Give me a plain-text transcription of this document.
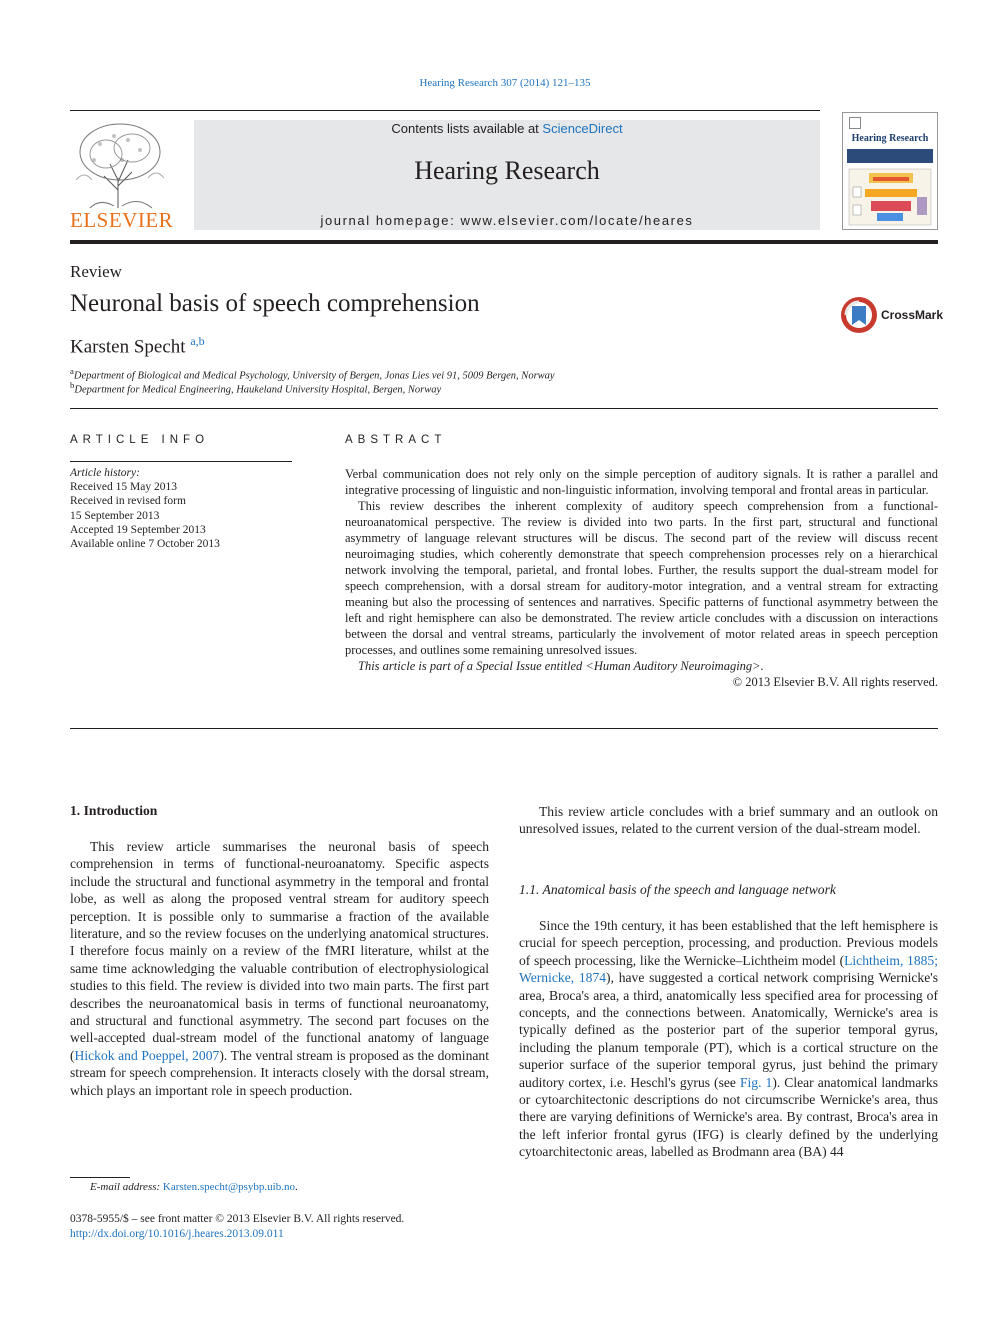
Hearing Research 307 (2014) 121–135
ELSEVIER
Contents lists available at ScienceDirect
Hearing Research
journal homepage: www.elsevier.com/locate/heares
Hearing Research
Review
Neuronal basis of speech comprehension
Karsten Specht $^{a,b}$
CrossMark
$^a$Department of Biological and Medical Psychology, University of Bergen, Jonas Lies vei 91, 5009 Bergen, Norway
$^b$Department for Medical Engineering, Haukeland University Hospital, Bergen, Norway
ARTICLE INFO
Article history:
Received 15 May 2013
Received in revised form
15 September 2013
Accepted 19 September 2013
Available online 7 October 2013
ABSTRACT

Verbal communication does not rely only on the simple perception of auditory signals. It is rather a parallel and integrative processing of linguistic and non-linguistic information, involving temporal and frontal areas in particular.

This review describes the inherent complexity of auditory speech comprehension from a functional-neuroanatomical perspective. The review is divided into two parts. In the first part, structural and functional asymmetry of language relevant structures will be discus. The second part of the review will discuss recent neuroimaging studies, which coherently demonstrate that speech comprehension processes rely on a hierarchical network involving the temporal, parietal, and frontal lobes. Further, the results support the dual-stream model for speech comprehension, with a dorsal stream for auditory-motor integration, and a ventral stream for extracting meaning but also the processing of sentences and narratives. Specific patterns of functional asymmetry between the left and right hemisphere can also be demonstrated. The review article concludes with a discussion on interactions between the dorsal and ventral streams, particularly the involvement of motor related areas in speech perception processes, and outlines some remaining unresolved issues.

This article is part of a Special Issue entitled <Human Auditory Neuroimaging>.

© 2013 Elsevier B.V. All rights reserved.

1. Introduction

This review article summarises the neuronal basis of speech comprehension in terms of functional-neuroanatomy. Specific aspects include the structural and functional asymmetry in the temporal and frontal lobe, as well as along the proposed ventral stream for auditory speech perception. It is possible only to summarise a fraction of the available literature, and so the review focuses on the underlying anatomical structures. I therefore focus mainly on a review of the fMRI literature, whilst at the same time acknowledging the valuable contribution of electrophysiological studies to this field. The review is divided into two main parts. The first part describes the neuroanatomical basis in terms of functional neuroanatomy, and structural and functional asymmetry. The second part focuses on the well-accepted dual-stream model of the functional anatomy of language (Hickok and Poeppel, 2007). The ventral stream is proposed as the dominant stream for speech comprehension. It interacts closely with the dorsal stream, which plays an important role in speech production.

This review article concludes with a brief summary and an outlook on unresolved issues, related to the current version of the dual-stream model.

1.1. Anatomical basis of the speech and language network

Since the 19th century, it has been established that the left hemisphere is crucial for speech perception, processing, and production. Previous models of speech processing, like the Wernicke–Lichtheim model (Lichtheim, 1885; Wernicke, 1874), have suggested a cortical network comprising Wernicke's area, Broca's area, a third, anatomically less specified area for processing of concepts, and the connections between. Anatomically, Wernicke's area is typically defined as the posterior part of the superior temporal gyrus, including the planum temporale (PT), which is a cortical structure on the superior surface of the superior temporal gyrus, just behind the primary auditory cortex, i.e. Heschl's gyrus (see Fig. 1). Clear anatomical landmarks or cytoarchitectonic descriptions do not circumscribe Wernicke's area, thus there are varying definitions of Wernicke's area. By contrast, Broca's area in the left inferior frontal gyrus (IFG) is clearly defined by the underlying cytoarchitectonic areas, labelled as Brodmann area (BA) 44

E-mail address: Karsten.specht@psybp.uib.no.
0378-5955/$ – see front matter © 2013 Elsevier B.V. All rights reserved.
http://dx.doi.org/10.1016/j.heares.2013.09.011
